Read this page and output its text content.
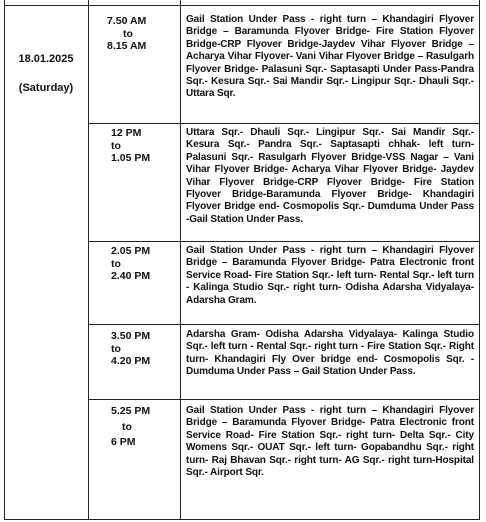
18.01.2025
(Saturday)
7.50 AM
to
8.15 AM
Gail Station Under Pass - right turn – Khandagiri Flyover Bridge – Baramunda Flyover Bridge- Fire Station Flyover Bridge-CRP Flyover Bridge-Jaydev Vihar Flyover Bridge – Acharya Vihar Flyover- Vani Vihar Flyover Bridge – Rasulgarh Flyover Bridge- Palasuni Sqr.- Saptasapti Under Pass-Pandra Sqr.- Kesura Sqr.- Sai Mandir Sqr.- Lingipur Sqr.- Dhauli Sqr.- Uttara Sqr.
12 PM
to
1.05 PM
Uttara Sqr.- Dhauli Sqr.- Lingipur Sqr.- Sai Mandir Sqr.- Kesura Sqr.- Pandra Sqr.- Saptasapti chhak- left turn- Palasuni Sqr.- Rasulgarh Flyover Bridge-VSS Nagar – Vani Vihar Flyover Bridge- Acharya Vihar Flyover Bridge- Jaydev Vihar Flyover Bridge-CRP Flyover Bridge- Fire Station Flyover Bridge-Baramunda Flyover Bridge- Khandagiri Flyover Bridge end- Cosmopolis Sqr.- Dumduma Under Pass -Gail Station Under Pass.
2.05 PM
to
2.40 PM
Gail Station Under Pass - right turn – Khandagiri Flyover Bridge – Baramunda Flyover Bridge- Patra Electronic front Service Road- Fire Station Sqr.- left turn- Rental Sqr.- left turn - Kalinga Studio Sqr.- right turn- Odisha Adarsha Vidyalaya- Adarsha Gram.
3.50 PM
to
4.20 PM
Adarsha Gram- Odisha Adarsha Vidyalaya- Kalinga Studio Sqr.- left turn - Rental Sqr.- right turn - Fire Station Sqr.- Right turn- Khandagiri Fly Over bridge end- Cosmopolis Sqr. - Dumduma Under Pass – Gail Station Under Pass.
5.25 PM
to
6 PM
Gail Station Under Pass - right turn – Khandagiri Flyover Bridge – Baramunda Flyover Bridge- Patra Electronic front Service Road- Fire Station Sqr.- right turn- Delta Sqr.- City Womens Sqr.- OUAT Sqr.- left turn- Gopabandhu Sqr.- right turn- Raj Bhavan Sqr.- right turn- AG Sqr.- right turn-Hospital Sqr.- Airport Sqr.
